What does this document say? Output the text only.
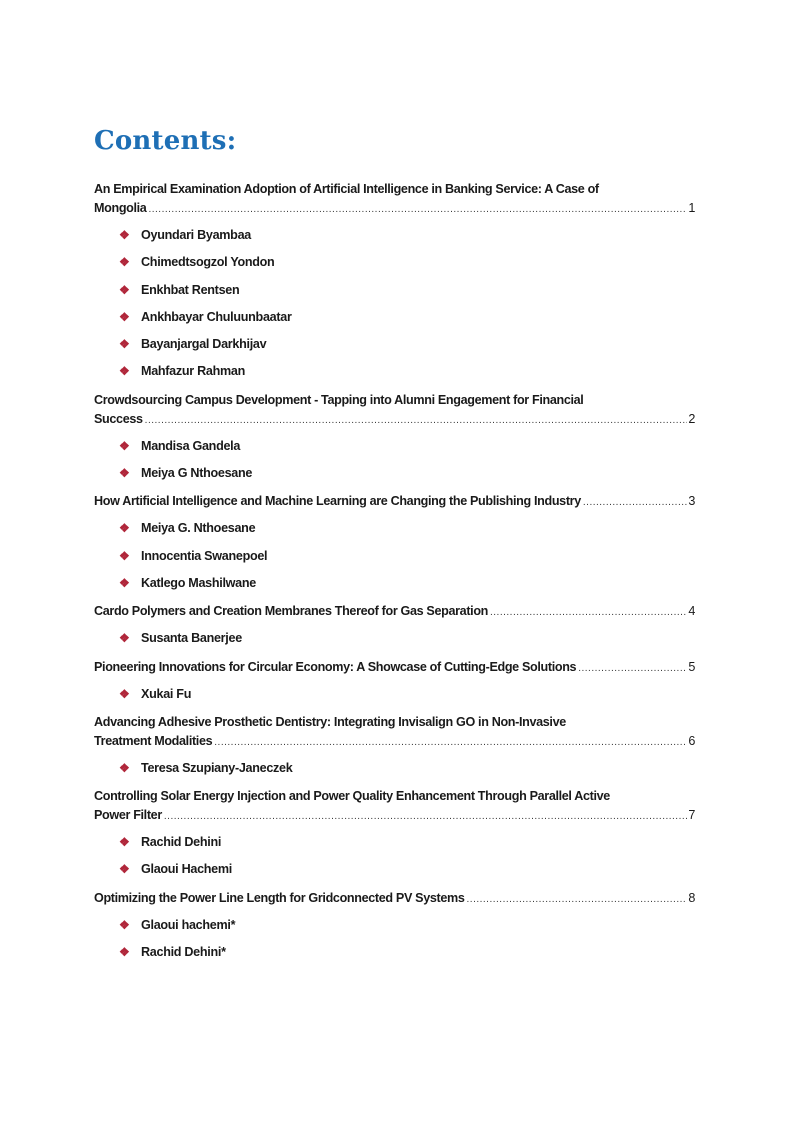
Contents:
An Empirical Examination Adoption of Artificial Intelligence in Banking Service: A Case of
Mongolia .....	1
❖ Oyundari Byambaa
❖ Chimedtsogzol Yondon
❖ Enkhbat Rentsen
❖ Ankhbayar Chuluunbaatar
❖ Bayanjargal Darkhijav
❖ Mahfazur Rahman
Crowdsourcing Campus Development - Tapping into Alumni Engagement for Financial
Success .....	2
❖ Mandisa Gandela
❖ Meiya G Nthoesane
How Artificial Intelligence and Machine Learning are Changing the Publishing Industry .....	3
❖ Meiya G. Nthoesane
❖ Innocentia Swanepoel
❖ Katlego Mashilwane
Cardo Polymers and Creation Membranes Thereof for Gas Separation .....	4
❖ Susanta Banerjee
Pioneering Innovations for Circular Economy: A Showcase of Cutting-Edge Solutions .....	5
❖ Xukai Fu
Advancing Adhesive Prosthetic Dentistry: Integrating Invisalign GO in Non-Invasive
Treatment Modalities .....	6
❖ Teresa Szupiany-Janeczek
Controlling Solar Energy Injection and Power Quality Enhancement Through Parallel Active
Power Filter .....	7
❖ Rachid Dehini
❖ Glaoui Hachemi
Optimizing the Power Line Length for Gridconnected PV Systems .....	8
❖ Glaoui hachemi*
❖ Rachid Dehini*
